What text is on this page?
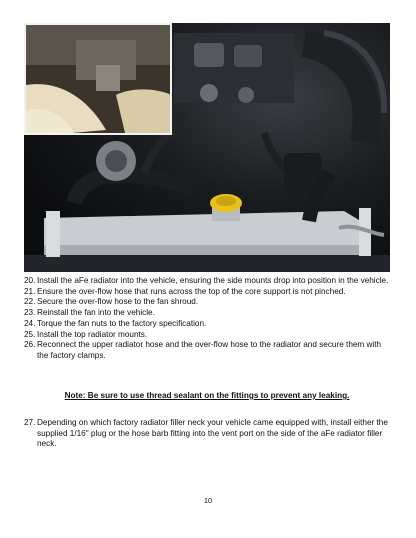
20. Install the aFe radiator into the vehicle, ensuring the side mounts drop into position in the vehicle.
21. Ensure the over-flow hose that runs across the top of the core support is not pinched.
22. Secure the over-flow hose to the fan shroud.
23. Reinstall the fan into the vehicle.
24. Torque the fan nuts to the factory specification.
25. Install the top radiator mounts.
26. Reconnect the upper radiator hose and the over-flow hose to the radiator and secure them with the factory clamps.
Note: Be sure to use thread sealant on the fittings to prevent any leaking.
27. Depending on which factory radiator filler neck your vehicle came equipped with, install either the supplied 1/16" plug or the hose barb fitting into the vent port on the side of the aFe radiator filler neck.
10
